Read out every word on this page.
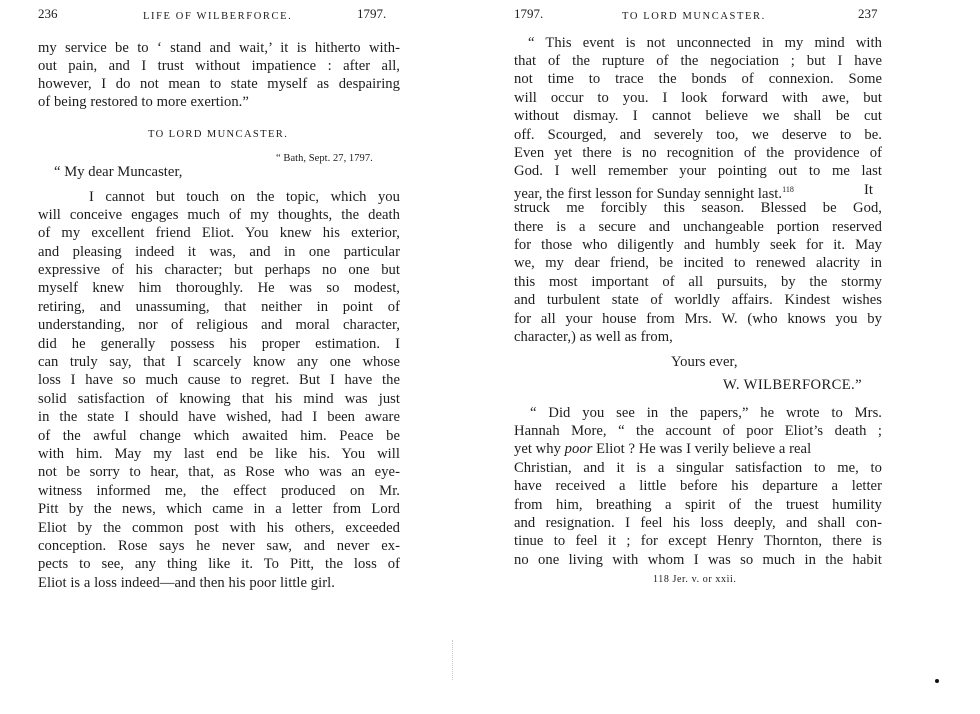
236	LIFE OF WILBERFORCE.	1797.
my service be to ‘ stand and wait,’ it is hitherto with-
out pain, and I trust without impatience : after all,
however, I do not mean to state myself as despairing
of being restored to more exertion.”
TO LORD MUNCASTER.
“ Bath, Sept. 27, 1797.
“ My dear Muncaster,
I cannot but touch on the topic, which you
will conceive engages much of my thoughts, the death
of my excellent friend Eliot. You knew his exterior,
and pleasing indeed it was, and in one particular
expressive of his character; but perhaps no one but
myself knew him thoroughly. He was so modest,
retiring, and unassuming, that neither in point of
understanding, nor of religious and moral character,
did he generally possess his proper estimation. I
can truly say, that I scarcely know any one whose
loss I have so much cause to regret. But I have the
solid satisfaction of knowing that his mind was just
in the state I should have wished, had I been aware
of the awful change which awaited him. Peace be
with him. May my last end be like his. You will
not be sorry to hear, that, as Rose who was an eye-
witness informed me, the effect produced on Mr.
Pitt by the news, which came in a letter from Lord
Eliot by the common post with his others, exceeded
conception. Rose says he never saw, and never ex-
pects to see, any thing like it. To Pitt, the loss of
Eliot is a loss indeed—and then his poor little girl.
1797.	TO LORD MUNCASTER.	237
“ This event is not unconnected in my mind with
that of the rupture of the negociation ; but I have
not time to trace the bonds of connexion. Some
will occur to you. I look forward with awe, but
without dismay. I cannot believe we shall be cut
off. Scourged, and severely too, we deserve to be.
Even yet there is no recognition of the providence of
God. I well remember your pointing out to me last
year, the first lesson for Sunday sennight last.$^{118}$	It
struck me forcibly this season. Blessed be God,
there is a secure and unchangeable portion reserved
for those who diligently and humbly seek for it. May
we, my dear friend, be incited to renewed alacrity in
this most important of all pursuits, by the stormy
and turbulent state of worldly affairs. Kindest wishes
for all your house from Mrs. W. (who knows you by
character,) as well as from,
Yours ever,
W. WILBERFORCE.”
“ Did you see in the papers,” he wrote to Mrs.
Hannah More, “ the account of poor Eliot’s death ;
yet why poor Eliot ? He was I verily believe a real
Christian, and it is a singular satisfaction to me, to
have received a little before his departure a letter
from him, breathing a spirit of the truest humility
and resignation. I feel his loss deeply, and shall con-
tinue to feel it ; for except Henry Thornton, there is
no one living with whom I was so much in the habit
118 Jer. v. or xxii.
